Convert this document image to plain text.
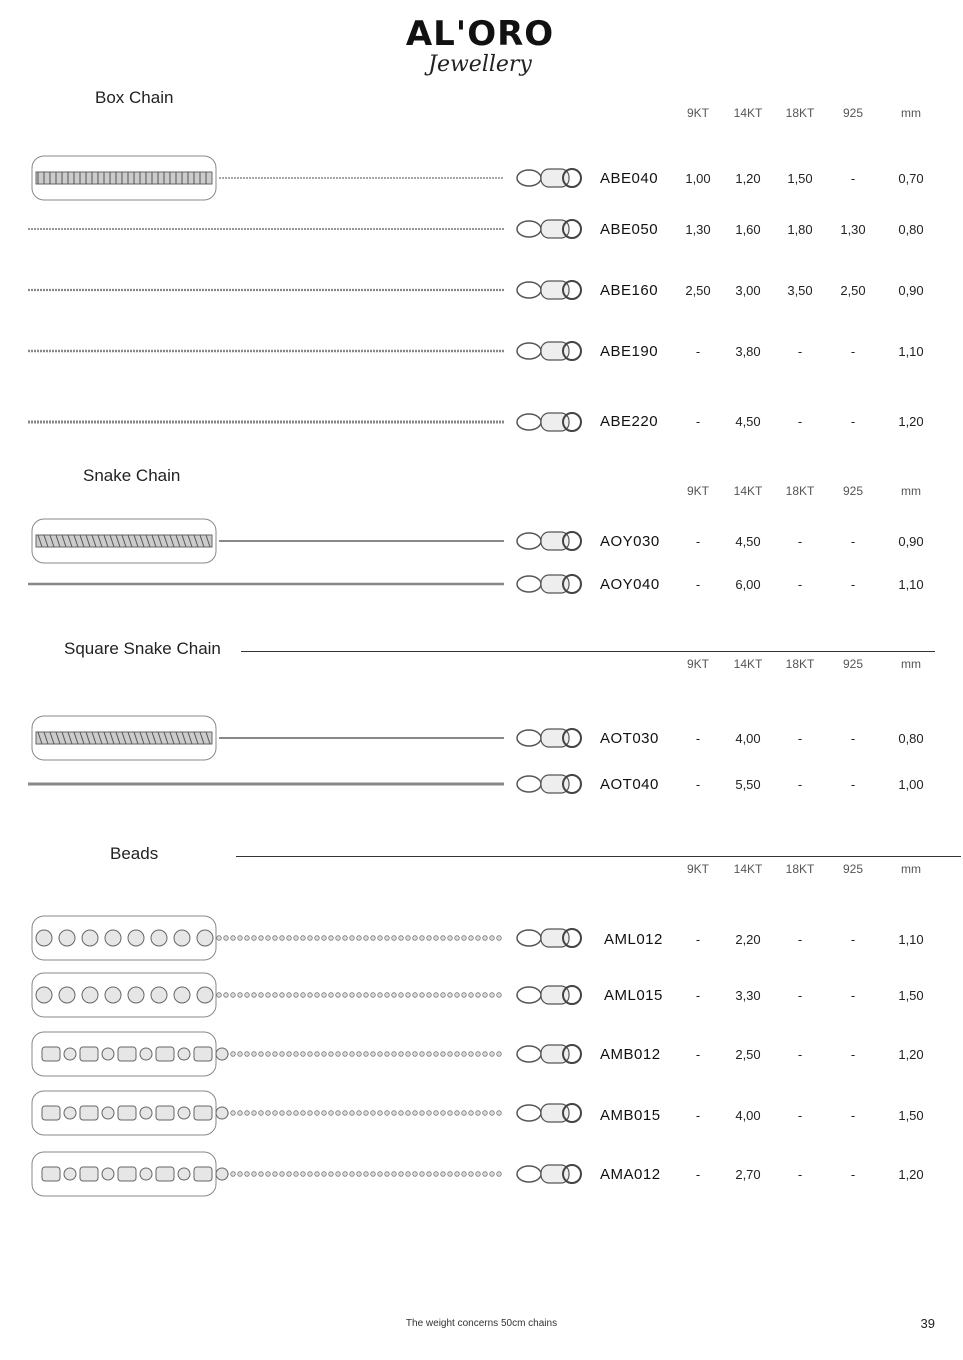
AL'ORO
Jewellery
Box Chain
Snake Chain
Square Snake Chain
Beads
9KT	14KT	18KT	925	mm
9KT	14KT	18KT	925	mm
9KT	14KT	18KT	925	mm
9KT	14KT	18KT	925	mm
ABE040	1,00	1,20	1,50	-	0,70
ABE050	1,30	1,60	1,80	1,30	0,80
ABE160	2,50	3,00	3,50	2,50	0,90
ABE190	-	3,80	-	-	1,10
ABE220	-	4,50	-	-	1,20
AOY030	-	4,50	-	-	0,90
AOY040	-	6,00	-	-	1,10
AOT030	-	4,00	-	-	0,80
AOT040	-	5,50	-	-	1,00
AML012	-	2,20	-	-	1,10
AML015	-	3,30	-	-	1,50
AMB012	-	2,50	-	-	1,20
AMB015	-	4,00	-	-	1,50
AMA012	-	2,70	-	-	1,20
The weight concerns 50cm chains	39
